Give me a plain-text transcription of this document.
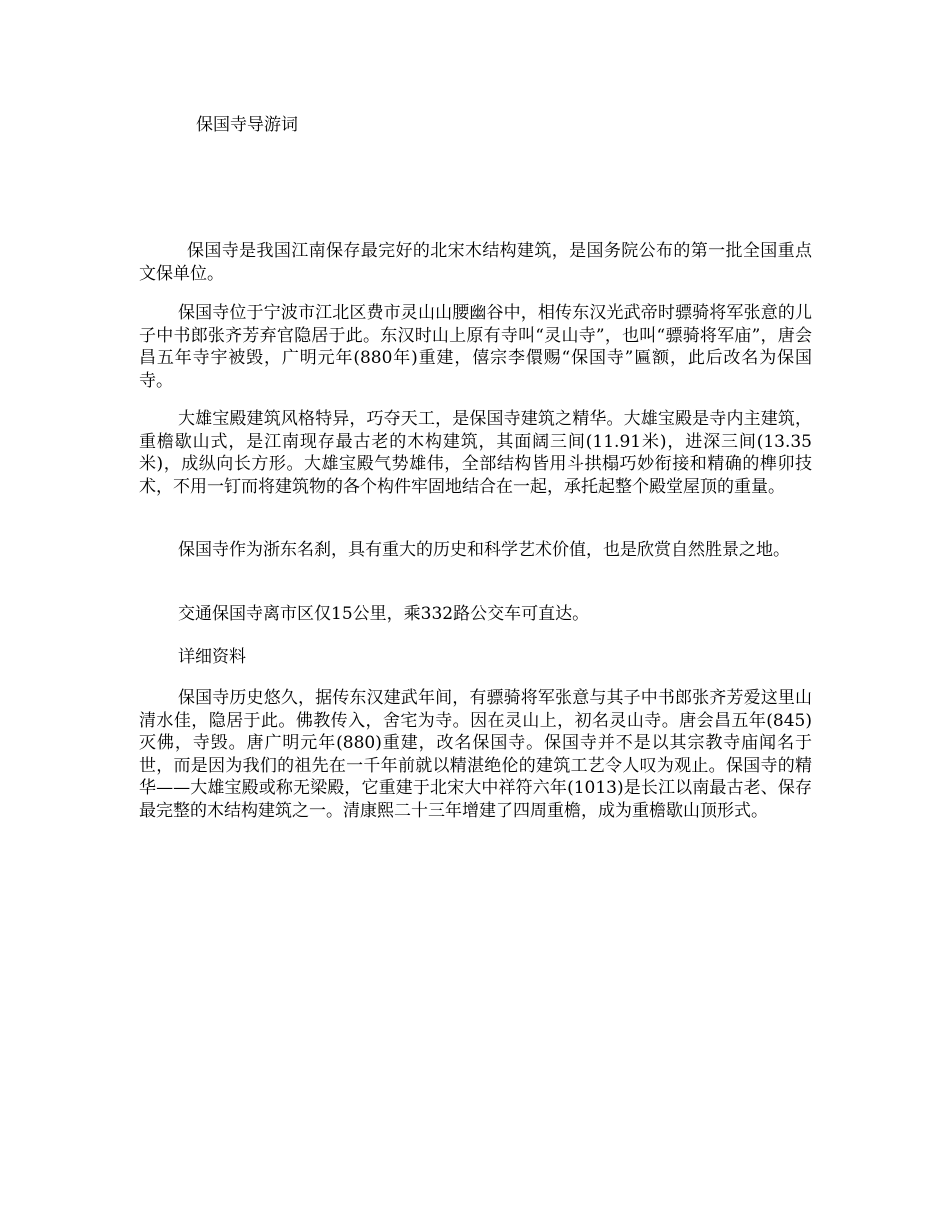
保国寺导游词

保国寺是我国江南保存最完好的北宋木结构建筑，是国务院公布的第一批全国重点文保单位。

保国寺位于宁波市江北区费市灵山山腰幽谷中，相传东汉光武帝时骠骑将军张意的儿子中书郎张齐芳弃官隐居于此。东汉时山上原有寺叫“灵山寺”，也叫“骠骑将军庙”，唐会昌五年寺宇被毁，广明元年(880年)重建，僖宗李儇赐“保国寺”匾额，此后改名为保国寺。

大雄宝殿建筑风格特异，巧夺天工，是保国寺建筑之精华。大雄宝殿是寺内主建筑，重檐歇山式，是江南现存最古老的木构建筑，其面阔三间(11.91米)，进深三间(13.35米)，成纵向长方形。大雄宝殿气势雄伟，全部结构皆用斗拱榻巧妙衔接和精确的榫卯技术，不用一钉而将建筑物的各个构件牢固地结合在一起，承托起整个殿堂屋顶的重量。

保国寺作为浙东名刹，具有重大的历史和科学艺术价值，也是欣赏自然胜景之地。

交通保国寺离市区仅15公里，乘332路公交车可直达。

详细资料

保国寺历史悠久，据传东汉建武年间，有骠骑将军张意与其子中书郎张齐芳爱这里山清水佳，隐居于此。佛教传入，舍宅为寺。因在灵山上，初名灵山寺。唐会昌五年(845)灭佛，寺毁。唐广明元年(880)重建，改名保国寺。保国寺并不是以其宗教寺庙闻名于世，而是因为我们的祖先在一千年前就以精湛绝伦的建筑工艺令人叹为观止。保国寺的精华——大雄宝殿或称无梁殿，它重建于北宋大中祥符六年(1013)是长江以南最古老、保存最完整的木结构建筑之一。清康熙二十三年增建了四周重檐，成为重檐歇山顶形式。
